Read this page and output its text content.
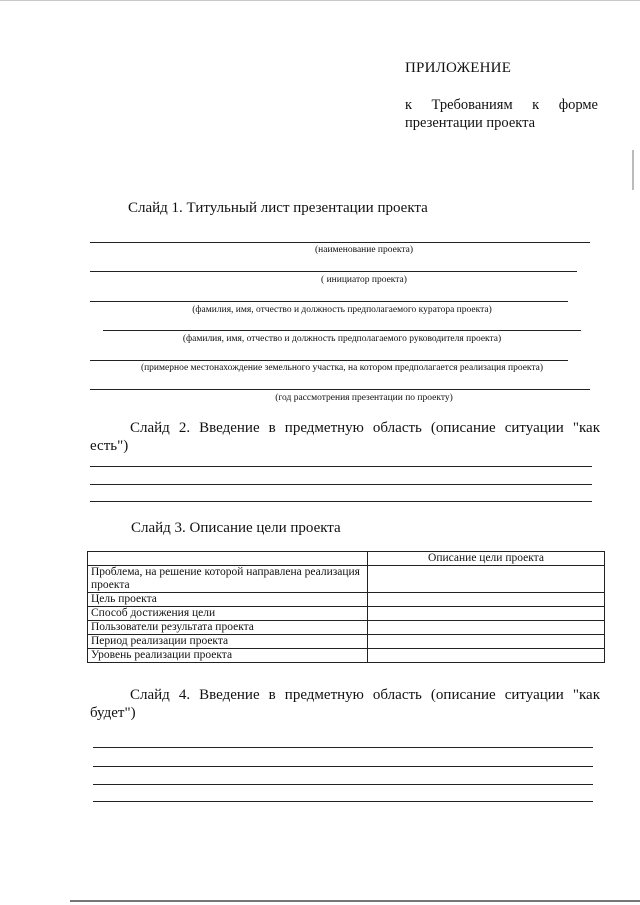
ПРИЛОЖЕНИЕ
к Требованиям к форме
презентации проекта
Слайд 1. Титульный лист презентации проекта
(наименование проекта)
( инициатор проекта)
(фамилия, имя, отчество и должность предполагаемого куратора проекта)
(фамилия, имя, отчество и должность предполагаемого руководителя проекта)
(примерное местонахождение земельного участка, на котором предполагается реализация проекта)
(год рассмотрения презентации по проекту)
Слайд 2. Введение в предметную область (описание ситуации "как
есть")
Слайд 3. Описание цели проекта
	Описание цели проекта
Проблема, на решение которой направлена реализация проекта	
Цель проекта	
Способ достижения цели	
Пользователи результата проекта	
Период реализации проекта	
Уровень реализации проекта	
Слайд 4. Введение в предметную область (описание ситуации "как
будет")
